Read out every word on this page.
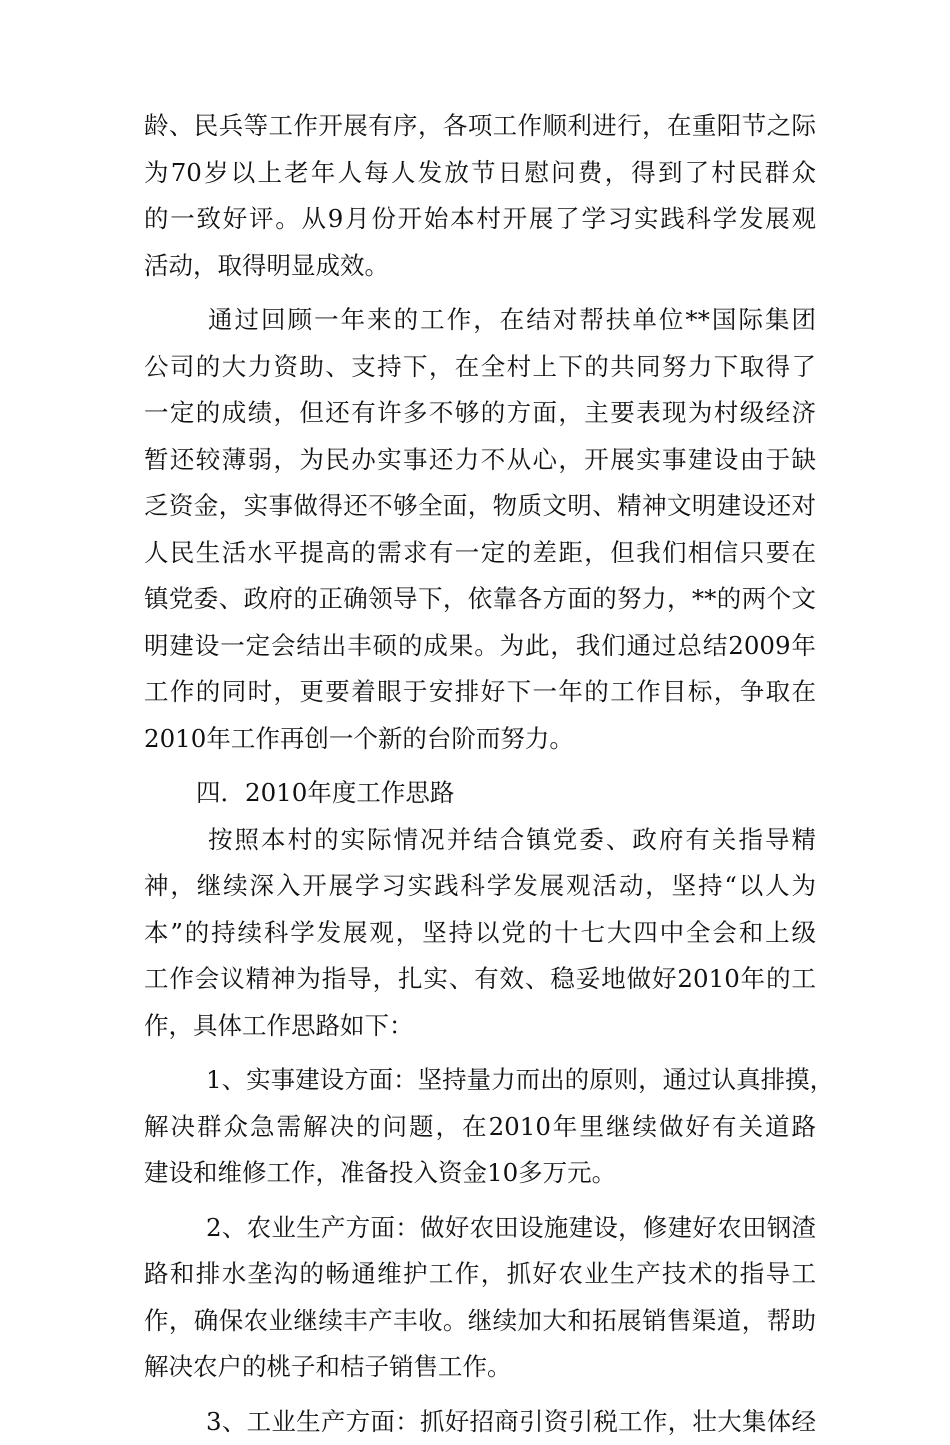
龄、民兵等工作开展有序，各项工作顺利进行，在重阳节之际
为70岁以上老年人每人发放节日慰问费，得到了村民群众
的一致好评。从9月份开始本村开展了学习实践科学发展观
活动，取得明显成效。
通过回顾一年来的工作，在结对帮扶单位**国际集团
公司的大力资助、支持下，在全村上下的共同努力下取得了
一定的成绩，但还有许多不够的方面，主要表现为村级经济
暂还较薄弱，为民办实事还力不从心，开展实事建设由于缺
乏资金，实事做得还不够全面，物质文明、精神文明建设还对
人民生活水平提高的需求有一定的差距，但我们相信只要在
镇党委、政府的正确领导下，依靠各方面的努力，**的两个文
明建设一定会结出丰硕的成果。为此，我们通过总结2009年
工作的同时，更要着眼于安排好下一年的工作目标，争取在
2010年工作再创一个新的台阶而努力。
四．2010年度工作思路
按照本村的实际情况并结合镇党委、政府有关指导精
神，继续深入开展学习实践科学发展观活动，坚持“以人为
本”的持续科学发展观，坚持以党的十七大四中全会和上级
工作会议精神为指导，扎实、有效、稳妥地做好2010年的工
作，具体工作思路如下：
1、实事建设方面：坚持量力而出的原则，通过认真排摸，
解决群众急需解决的问题，在2010年里继续做好有关道路
建设和维修工作，准备投入资金10多万元。
2、农业生产方面：做好农田设施建设，修建好农田钢渣
路和排水垄沟的畅通维护工作，抓好农业生产技术的指导工
作，确保农业继续丰产丰收。继续加大和拓展销售渠道，帮助
解决农户的桃子和桔子销售工作。
3、工业生产方面：抓好招商引资引税工作，壮大集体经
